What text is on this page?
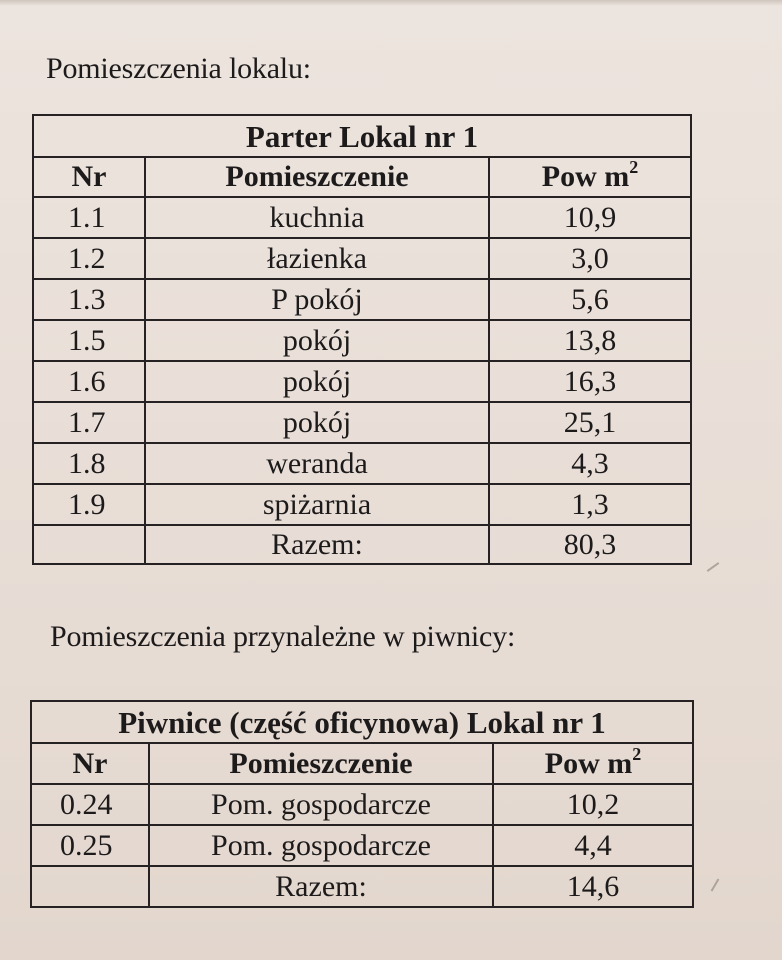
Pomieszczenia lokalu:
Parter Lokal nr 1		
Nr	Pomieszczenie	Pow $m^2$
1.1	kuchnia	10,9
1.2	łazienka	3,0
1.3	P pokój	5,6
1.5	pokój	13,8
1.6	pokój	16,3
1.7	pokój	25,1
1.8	weranda	4,3
1.9	spiżarnia	1,3
	Razem:	80,3
Pomieszczenia przynależne w piwnicy:
Piwnice (część oficynowa) Lokal nr 1		
Nr	Pomieszczenie	Pow $m^2$
0.24	Pom. gospodarcze	10,2
0.25	Pom. gospodarcze	4,4
	Razem:	14,6
